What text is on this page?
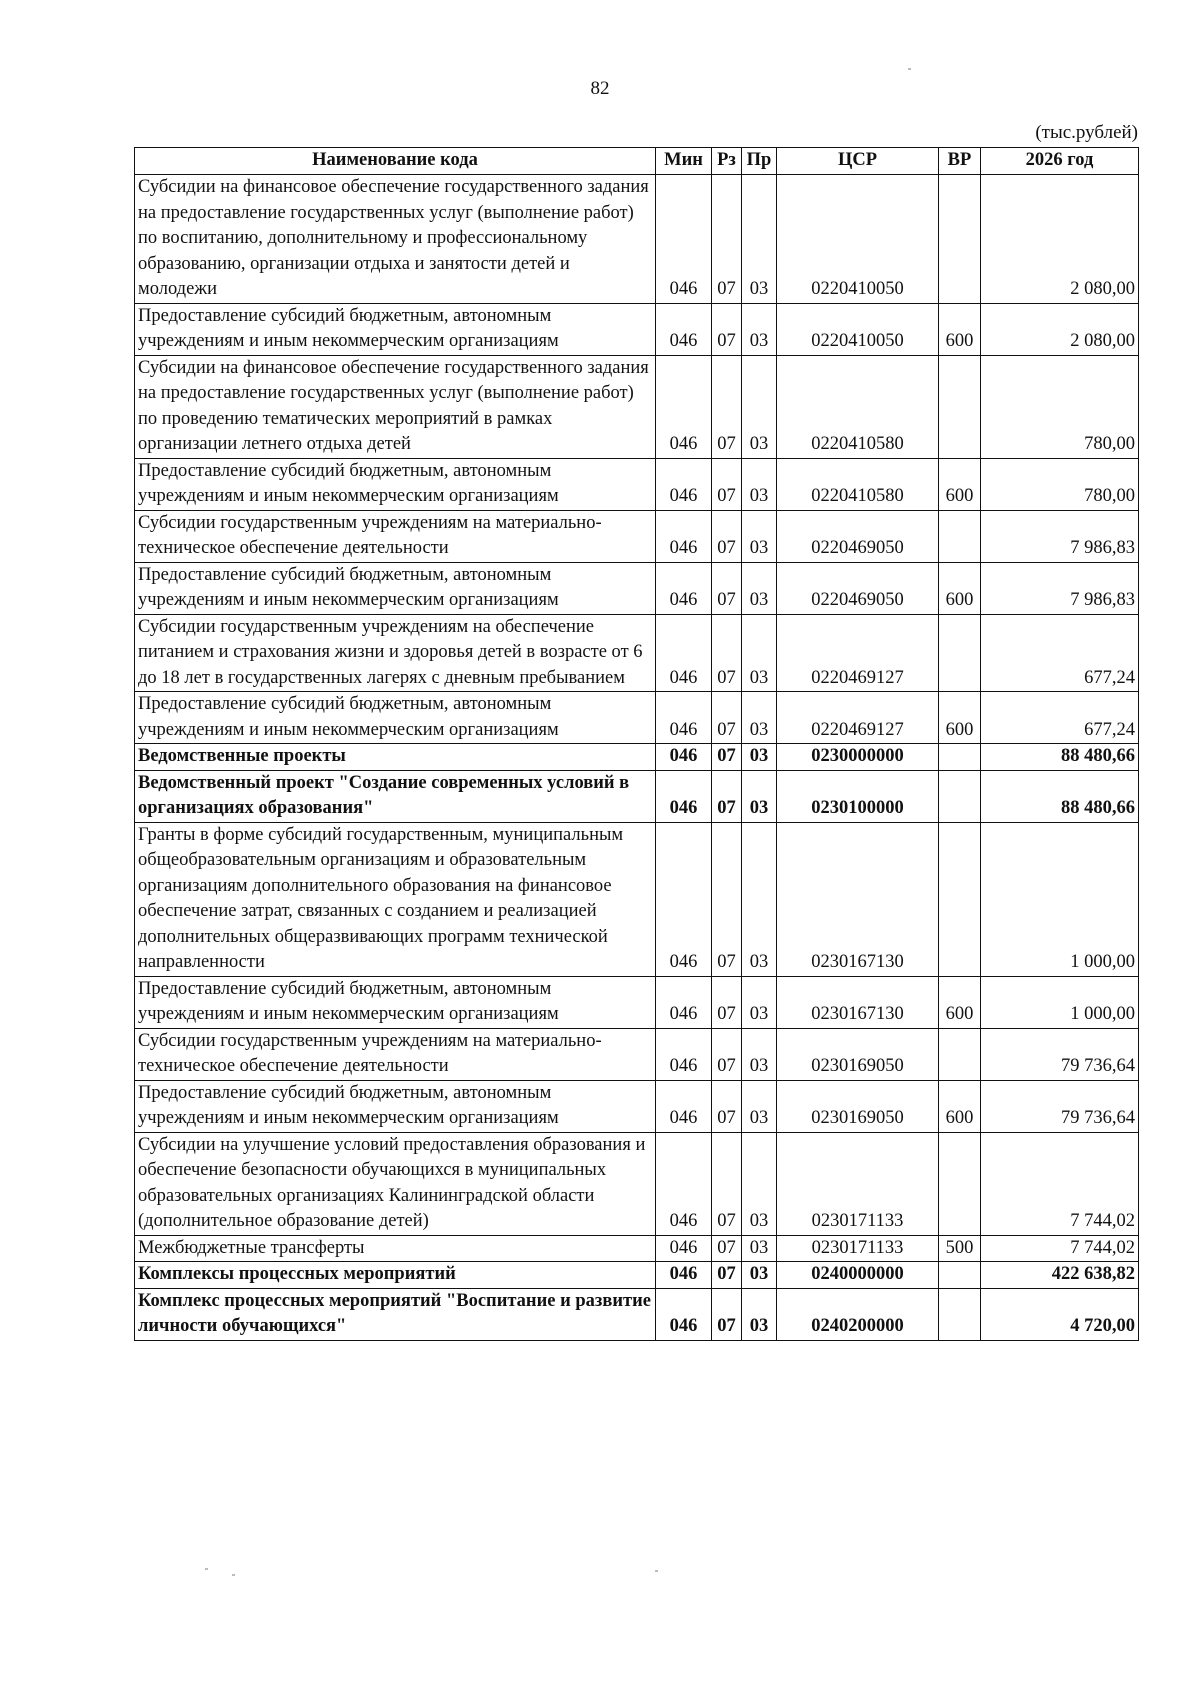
82
(тыс.рублей)
Наименование кода	Мин	Рз	Пр	ЦСР	ВР	2026 год
Субсидии на финансовое обеспечение государственного задания на предоставление государственных услуг (выполнение работ) по воспитанию, дополнительному и профессиональному образованию, организации отдыха и занятости детей и молодежи	046	07	03	0220410050		2 080,00
Предоставление субсидий бюджетным, автономным учреждениям и иным некоммерческим организациям	046	07	03	0220410050	600	2 080,00
Субсидии на финансовое обеспечение государственного задания на предоставление государственных услуг (выполнение работ) по проведению тематических мероприятий в рамках организации летнего отдыха детей	046	07	03	0220410580		780,00
Предоставление субсидий бюджетным, автономным учреждениям и иным некоммерческим организациям	046	07	03	0220410580	600	780,00
Субсидии государственным учреждениям на материально-техническое обеспечение деятельности	046	07	03	0220469050		7 986,83
Предоставление субсидий бюджетным, автономным учреждениям и иным некоммерческим организациям	046	07	03	0220469050	600	7 986,83
Субсидии государственным учреждениям на обеспечение питанием и страхования жизни и здоровья детей в возрасте от 6 до 18 лет в государственных лагерях с дневным пребыванием	046	07	03	0220469127		677,24
Предоставление субсидий бюджетным, автономным учреждениям и иным некоммерческим организациям	046	07	03	0220469127	600	677,24
Ведомственные проекты	046	07	03	0230000000		88 480,66
Ведомственный проект "Создание современных условий в организациях образования"	046	07	03	0230100000		88 480,66
Гранты в форме субсидий государственным, муниципальным общеобразовательным организациям и образовательным организациям дополнительного образования на финансовое обеспечение затрат, связанных с созданием и реализацией дополнительных общеразвивающих программ технической направленности	046	07	03	0230167130		1 000,00
Предоставление субсидий бюджетным, автономным учреждениям и иным некоммерческим организациям	046	07	03	0230167130	600	1 000,00
Субсидии государственным учреждениям на материально-техническое обеспечение деятельности	046	07	03	0230169050		79 736,64
Предоставление субсидий бюджетным, автономным учреждениям и иным некоммерческим организациям	046	07	03	0230169050	600	79 736,64
Субсидии на улучшение условий предоставления образования и обеспечение безопасности обучающихся в муниципальных образовательных организациях Калининградской области (дополнительное образование детей)	046	07	03	0230171133		7 744,02
Межбюджетные трансферты	046	07	03	0230171133	500	7 744,02
Комплексы процессных мероприятий	046	07	03	0240000000		422 638,82
Комплекс процессных мероприятий "Воспитание и развитие личности обучающихся"	046	07	03	0240200000		4 720,00
